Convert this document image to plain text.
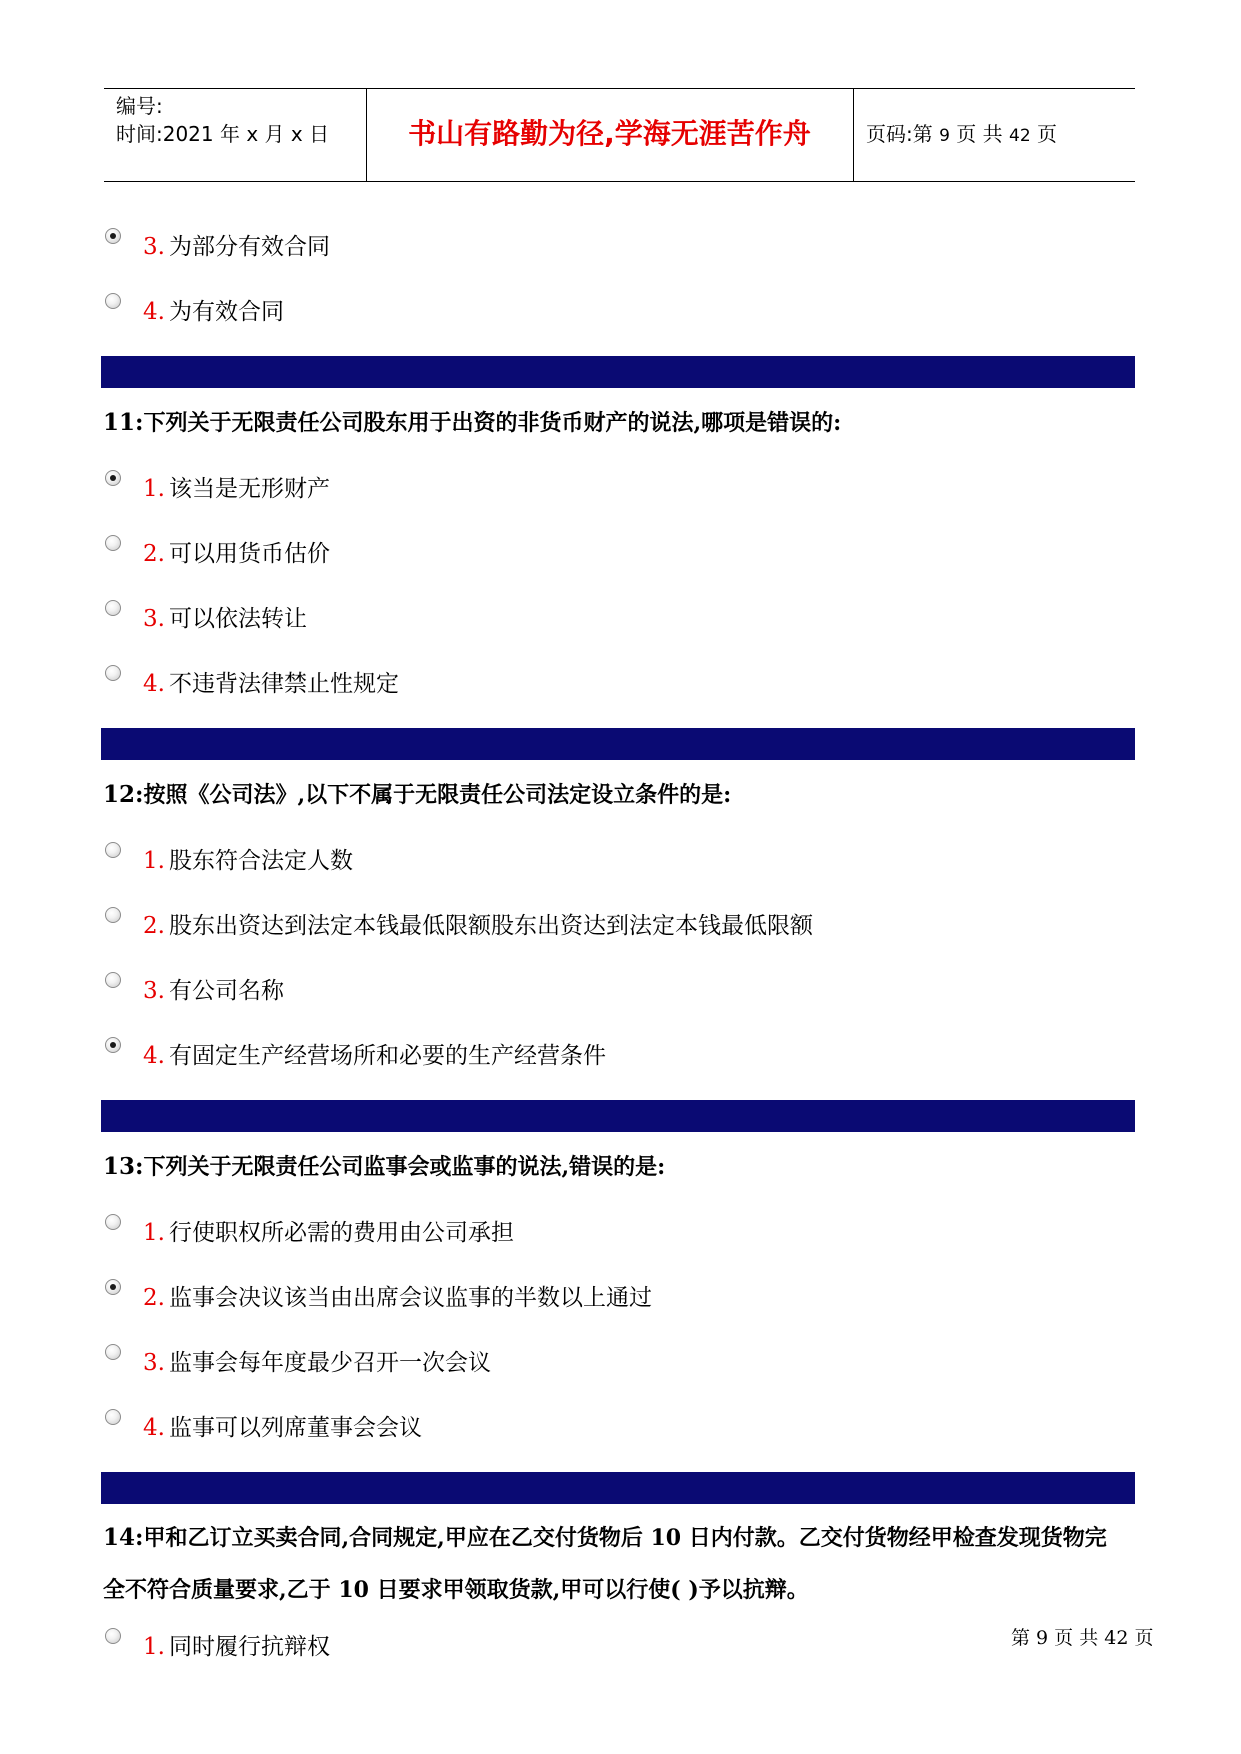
编号:
时间:2021 年 x 月 x 日	书山有路勤为径,学海无涯苦作舟	页码:第 9 页 共 42 页
3. 为部分有效合同
4. 为有效合同
11:下列关于无限责任公司股东用于出资的非货币财产的说法,哪项是错误的:
1. 该当是无形财产
2. 可以用货币估价
3. 可以依法转让
4. 不违背法律禁止性规定
12:按照《公司法》,以下不属于无限责任公司法定设立条件的是:
1. 股东符合法定人数
2. 股东出资达到法定本钱最低限额股东出资达到法定本钱最低限额
3. 有公司名称
4. 有固定生产经营场所和必要的生产经营条件
13:下列关于无限责任公司监事会或监事的说法,错误的是:
1. 行使职权所必需的费用由公司承担
2. 监事会决议该当由出席会议监事的半数以上通过
3. 监事会每年度最少召开一次会议
4. 监事可以列席董事会会议
14:甲和乙订立买卖合同,合同规定,甲应在乙交付货物后 10 日内付款。乙交付货物经甲检查发现货物完
全不符合质量要求,乙于 10 日要求甲领取货款,甲可以行使( )予以抗辩。
1. 同时履行抗辩权	第 9 页 共 42 页
